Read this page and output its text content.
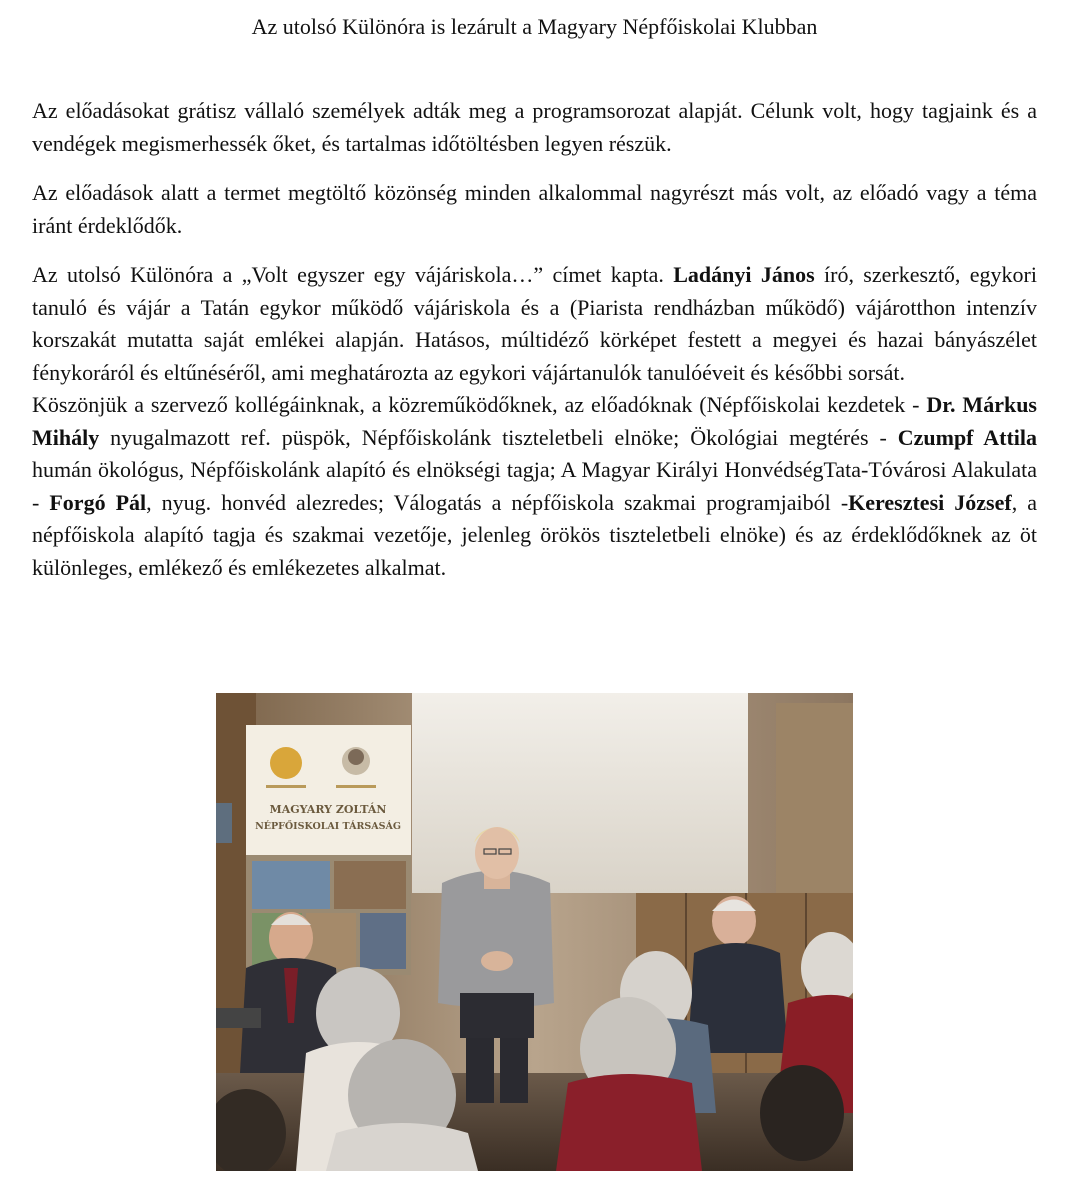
Az utolsó Különóra is lezárult a Magyary Népfőiskolai Klubban

Az előadásokat grátisz vállaló személyek adták meg a programsorozat alapját. Célunk volt, hogy tagjaink és a vendégek megismerhessék őket, és tartalmas időtöltésben legyen részük.

Az előadások alatt a termet megtöltő közönség minden alkalommal nagyrészt más volt, az előadó vagy a téma iránt érdeklődők.

Az utolsó Különóra a „Volt egyszer egy vájáriskola…” címet kapta. Ladányi János író, szerkesztő, egykori tanuló és vájár a Tatán egykor működő vájáriskola és a (Piarista rendházban működő) vájárotthon intenzív korszakát mutatta saját emlékei alapján. Hatásos, múltidéző körképet festett a megyei és hazai bányászélet fénykoráról és eltűnéséről, ami meghatározta az egykori vájártanulók tanulóéveit és későbbi sorsát.

Köszönjük a szervező kollégáinknak, a közreműködőknek, az előadóknak (Népfőiskolai kezdetek - Dr. Márkus Mihály nyugalmazott ref. püspök, Népfőiskolánk tiszteletbeli elnöke; Ökológiai megtérés - Czumpf Attila humán ökológus, Népfőiskolánk alapító és elnökségi tagja; A Magyar Királyi HonvédségTata-Tóvárosi Alakulata - Forgó Pál, nyug. honvéd alezredes; Válogatás a népfőiskola szakmai programjaiból -Keresztesi József, a népfőiskola alapító tagja és szakmai vezetője, jelenleg örökös tiszteletbeli elnöke) és az érdeklődőknek az öt különleges, emlékező és emlékezetes alkalmat.

MAGYARY ZOLTÁN
NÉPFŐISKOLAI TÁRSASÁG
